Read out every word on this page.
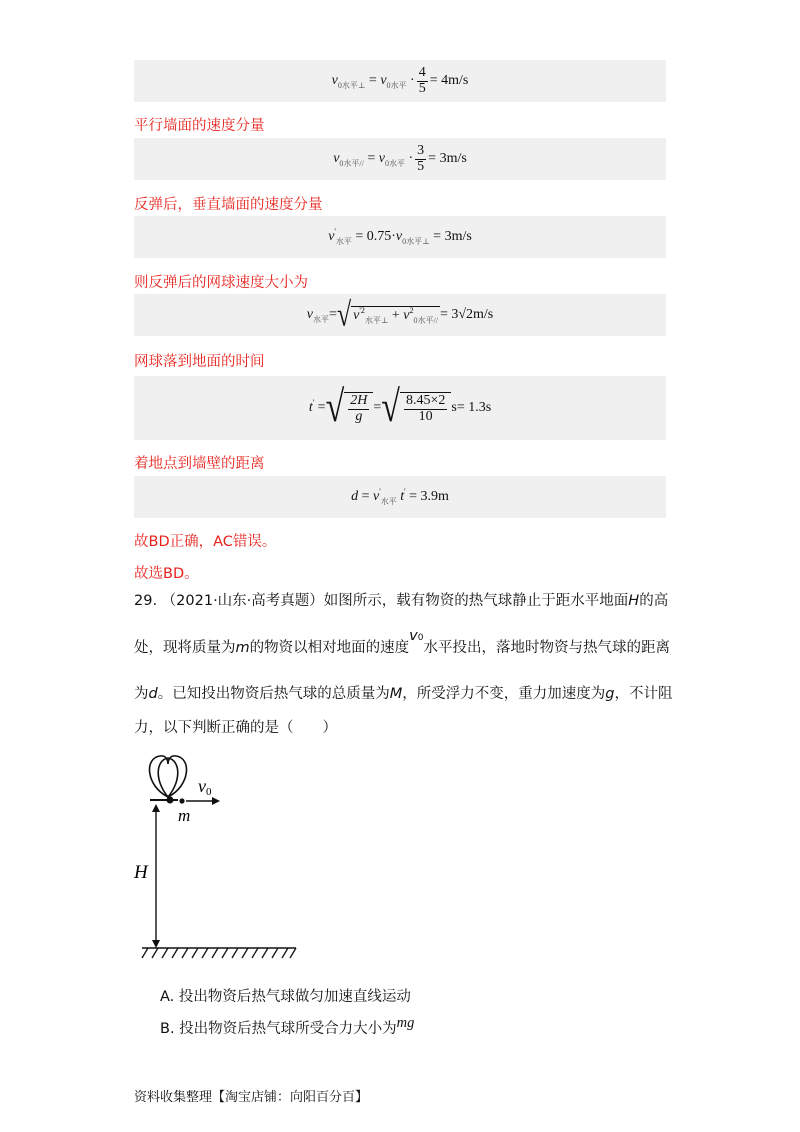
$v_{0水平\perp} = v_{0水平} \cdot \frac{4}{5} = 4m/s$
平行墙面的速度分量
$v_{0水平//} = v_{0水平} \cdot \frac{3}{5} = 3m/s$
反弹后，垂直墙面的速度分量
$v'_{水平} = 0.75\cdot v_{0水平\perp} = 3m/s$
则反弹后的网球速度大小为
$v_{水平}=$ √ $v^{'2}_{水平\perp} + v^2_{0水平//} = 3√2m/s$
网球落到地面的时间
t' = √ $\frac{2H}{g}$ = √ $\frac{8.45\times 2}{10}$ s = 1.3s
着地点到墙壁的距离
$d = v'_{水平}$ t' = 3.9m
故BD正确，AC错误。
故选BD。
29. （2021·山东·高考真题）如图所示，载有物资的热气球静止于距水平地面H的高
处，现将质量为m的物资以相对地面的速度v0水平投出，落地时物资与热气球的距离
为d。已知投出物资后热气球的总质量为M，所受浮力不变，重力加速度为g，不计阻
力，以下判断正确的是（　　）
v0
m
H
A. 投出物资后热气球做匀加速直线运动
B. 投出物资后热气球所受合力大小为mg
资料收集整理【淘宝店铺：向阳百分百】
